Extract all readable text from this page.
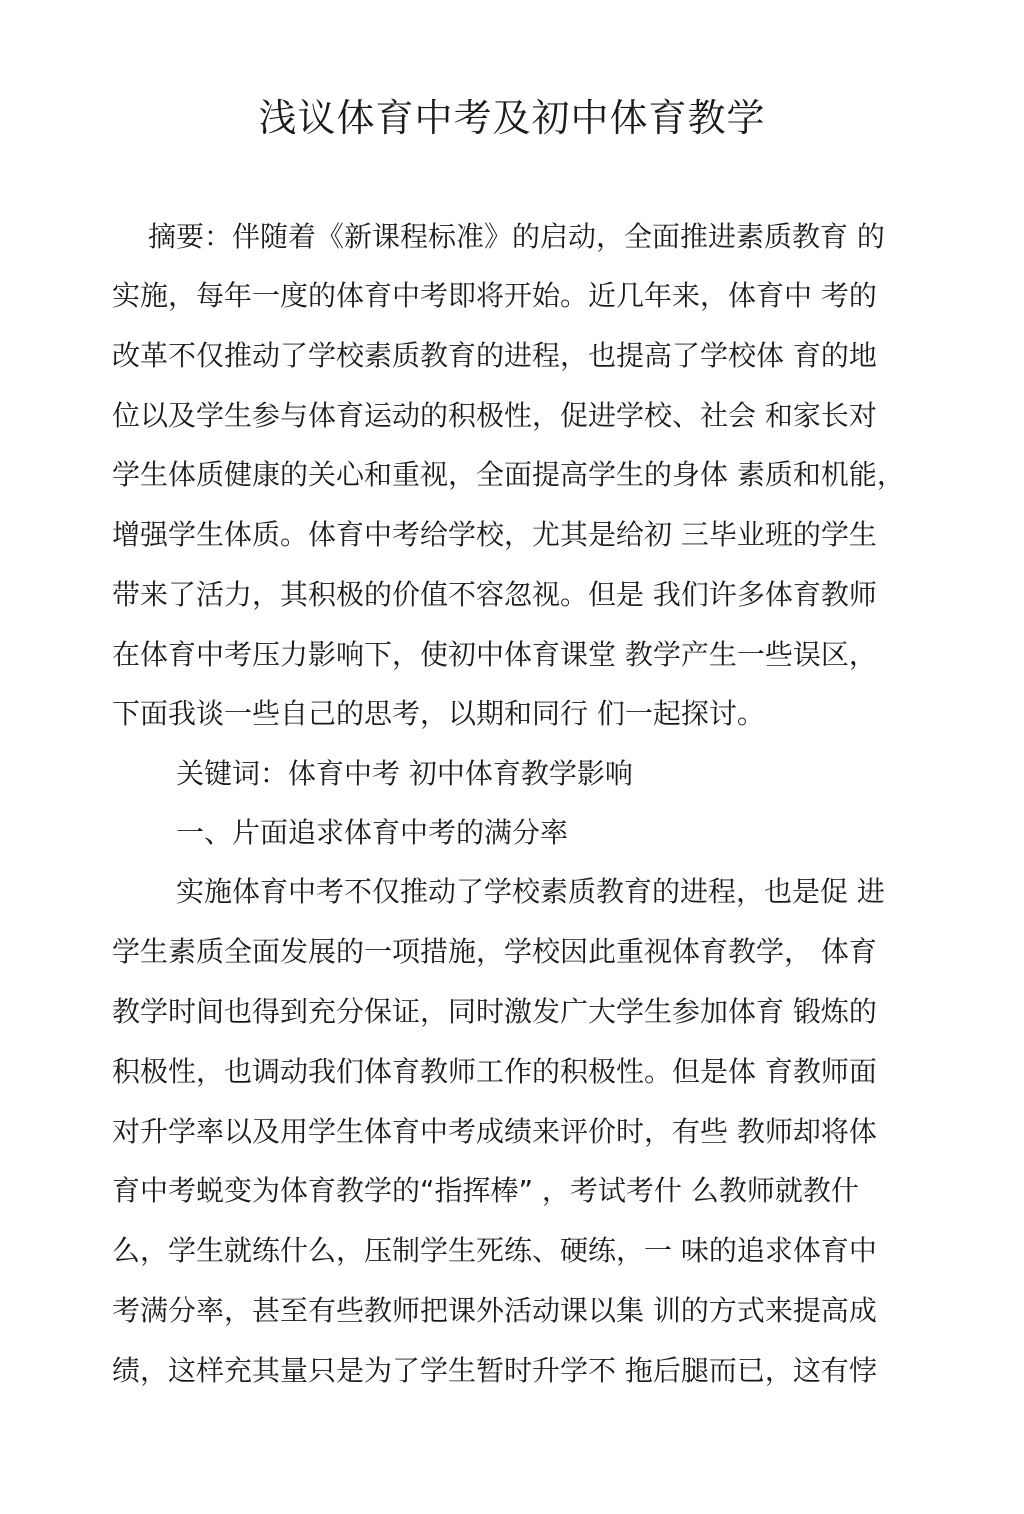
浅议体育中考及初中体育教学

摘要：伴随着《新课程标准》的启动，全面推进素质教育 的

实施，每年一度的体育中考即将开始。近几年来，体育中 考的

改革不仅推动了学校素质教育的进程，也提高了学校体 育的地

位以及学生参与体育运动的积极性，促进学校、社会 和家长对

学生体质健康的关心和重视，全面提高学生的身体 素质和机能，

增强学生体质。体育中考给学校，尤其是给初 三毕业班的学生

带来了活力，其积极的价值不容忽视。但是 我们许多体育教师

在体育中考压力影响下，使初中体育课堂 教学产生一些误区，

下面我谈一些自己的思考，以期和同行 们一起探讨。

关键词：体育中考 初中体育教学影响

一、片面追求体育中考的满分率

实施体育中考不仅推动了学校素质教育的进程，也是促 进

学生素质全面发展的一项措施，学校因此重视体育教学， 体育

教学时间也得到充分保证，同时激发广大学生参加体育 锻炼的

积极性，也调动我们体育教师工作的积极性。但是体 育教师面

对升学率以及用学生体育中考成绩来评价时，有些 教师却将体

育中考蜕变为体育教学的“指挥棒” ，考试考什 么教师就教什

么，学生就练什么，压制学生死练、硬练，一 味的追求体育中

考满分率，甚至有些教师把课外活动课以集 训的方式来提高成

绩，这样充其量只是为了学生暂时升学不 拖后腿而已，这有悖
